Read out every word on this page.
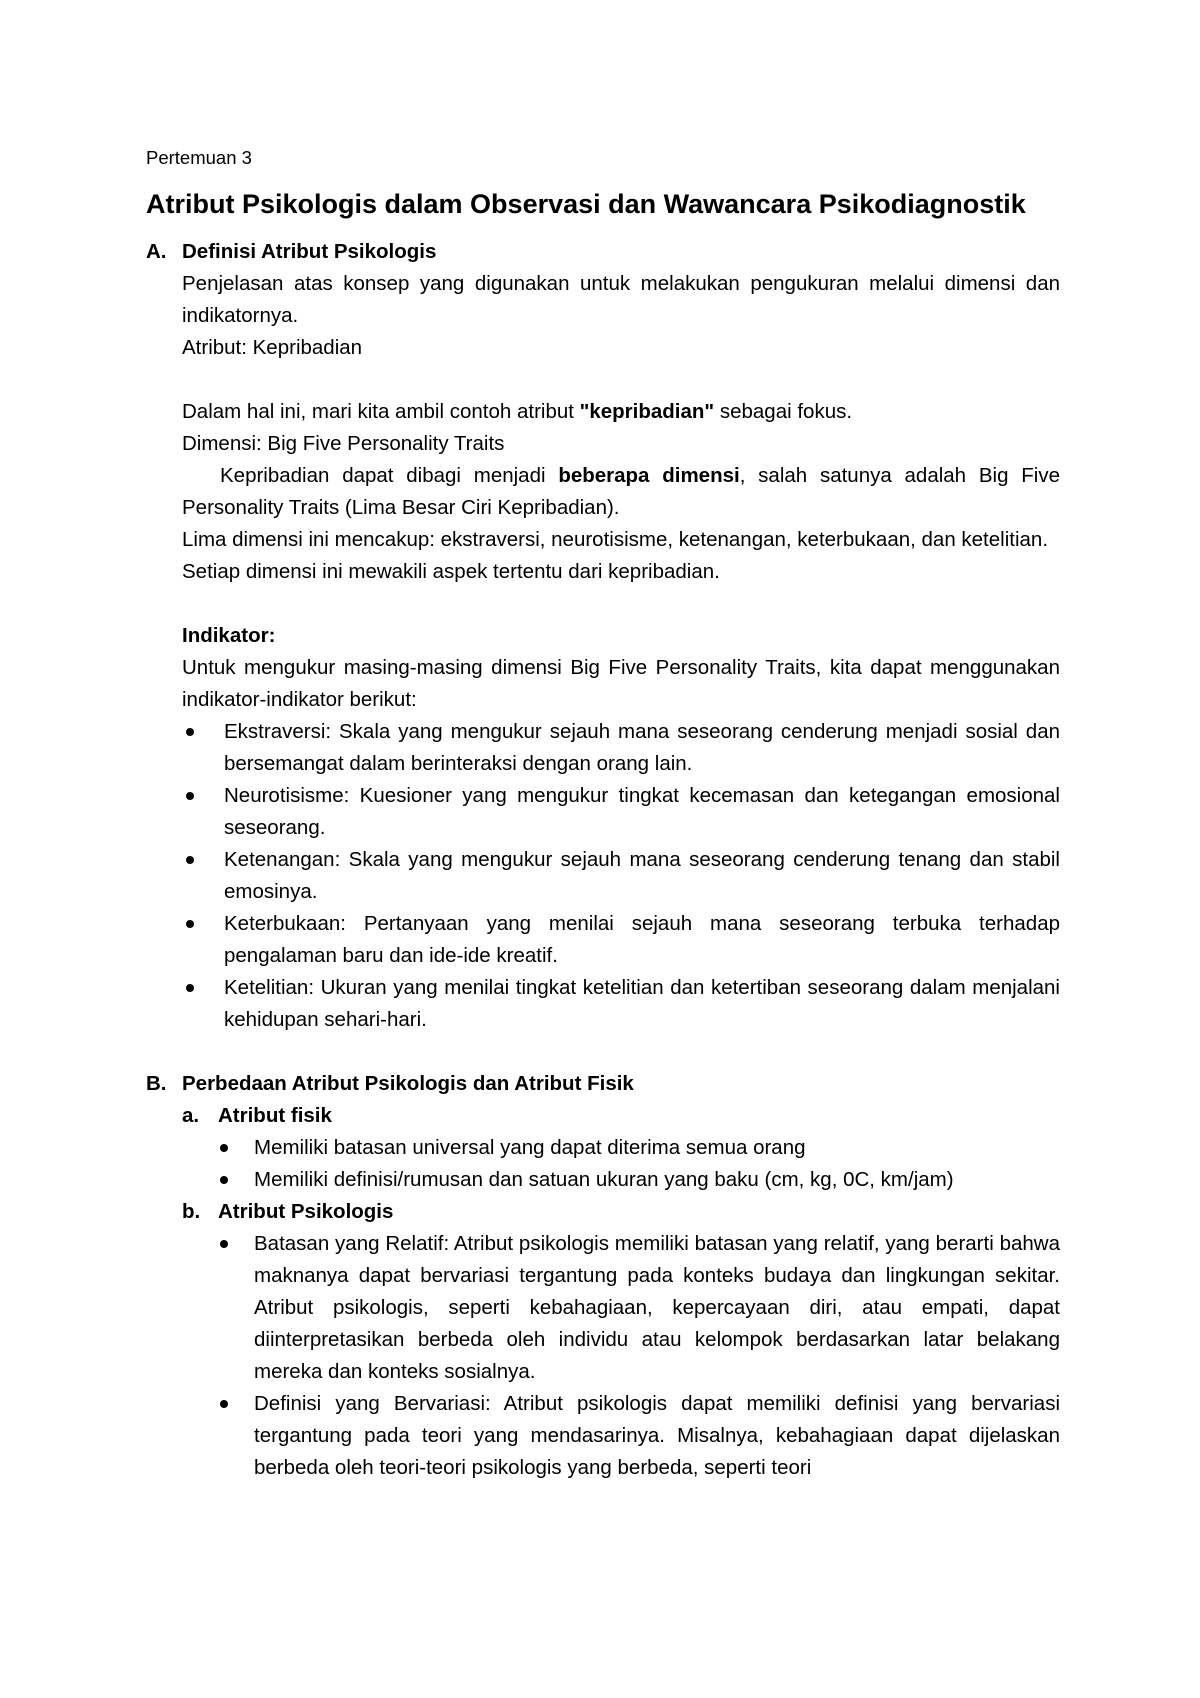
Pertemuan 3

Atribut Psikologis dalam Observasi dan Wawancara Psikodiagnostik
A. Definisi Atribut Psikologis

Penjelasan atas konsep yang digunakan untuk melakukan pengukuran melalui dimensi dan indikatornya.

Atribut: Kepribadian

Dalam hal ini, mari kita ambil contoh atribut "kepribadian" sebagai fokus.

Dimensi: Big Five Personality Traits

Kepribadian dapat dibagi menjadi beberapa dimensi, salah satunya adalah Big Five Personality Traits (Lima Besar Ciri Kepribadian).

Lima dimensi ini mencakup: ekstraversi, neurotisisme, ketenangan, keterbukaan, dan ketelitian.

Setiap dimensi ini mewakili aspek tertentu dari kepribadian.

Indikator:

Untuk mengukur masing-masing dimensi Big Five Personality Traits, kita dapat menggunakan indikator-indikator berikut:

Ekstraversi: Skala yang mengukur sejauh mana seseorang cenderung menjadi sosial dan bersemangat dalam berinteraksi dengan orang lain.
Neurotisisme: Kuesioner yang mengukur tingkat kecemasan dan ketegangan emosional seseorang.
Ketenangan: Skala yang mengukur sejauh mana seseorang cenderung tenang dan stabil emosinya.
Keterbukaan: Pertanyaan yang menilai sejauh mana seseorang terbuka terhadap pengalaman baru dan ide-ide kreatif.
Ketelitian: Ukuran yang menilai tingkat ketelitian dan ketertiban seseorang dalam menjalani kehidupan sehari-hari.
B. Perbedaan Atribut Psikologis dan Atribut Fisik

a. Atribut fisik

Memiliki batasan universal yang dapat diterima semua orang
Memiliki definisi/rumusan dan satuan ukuran yang baku (cm, kg, 0C, km/jam)
b. Atribut Psikologis

Batasan yang Relatif: Atribut psikologis memiliki batasan yang relatif, yang berarti bahwa maknanya dapat bervariasi tergantung pada konteks budaya dan lingkungan sekitar. Atribut psikologis, seperti kebahagiaan, kepercayaan diri, atau empati, dapat diinterpretasikan berbeda oleh individu atau kelompok berdasarkan latar belakang mereka dan konteks sosialnya.
Definisi yang Bervariasi: Atribut psikologis dapat memiliki definisi yang bervariasi tergantung pada teori yang mendasarinya. Misalnya, kebahagiaan dapat dijelaskan berbeda oleh teori-teori psikologis yang berbeda, seperti teori
